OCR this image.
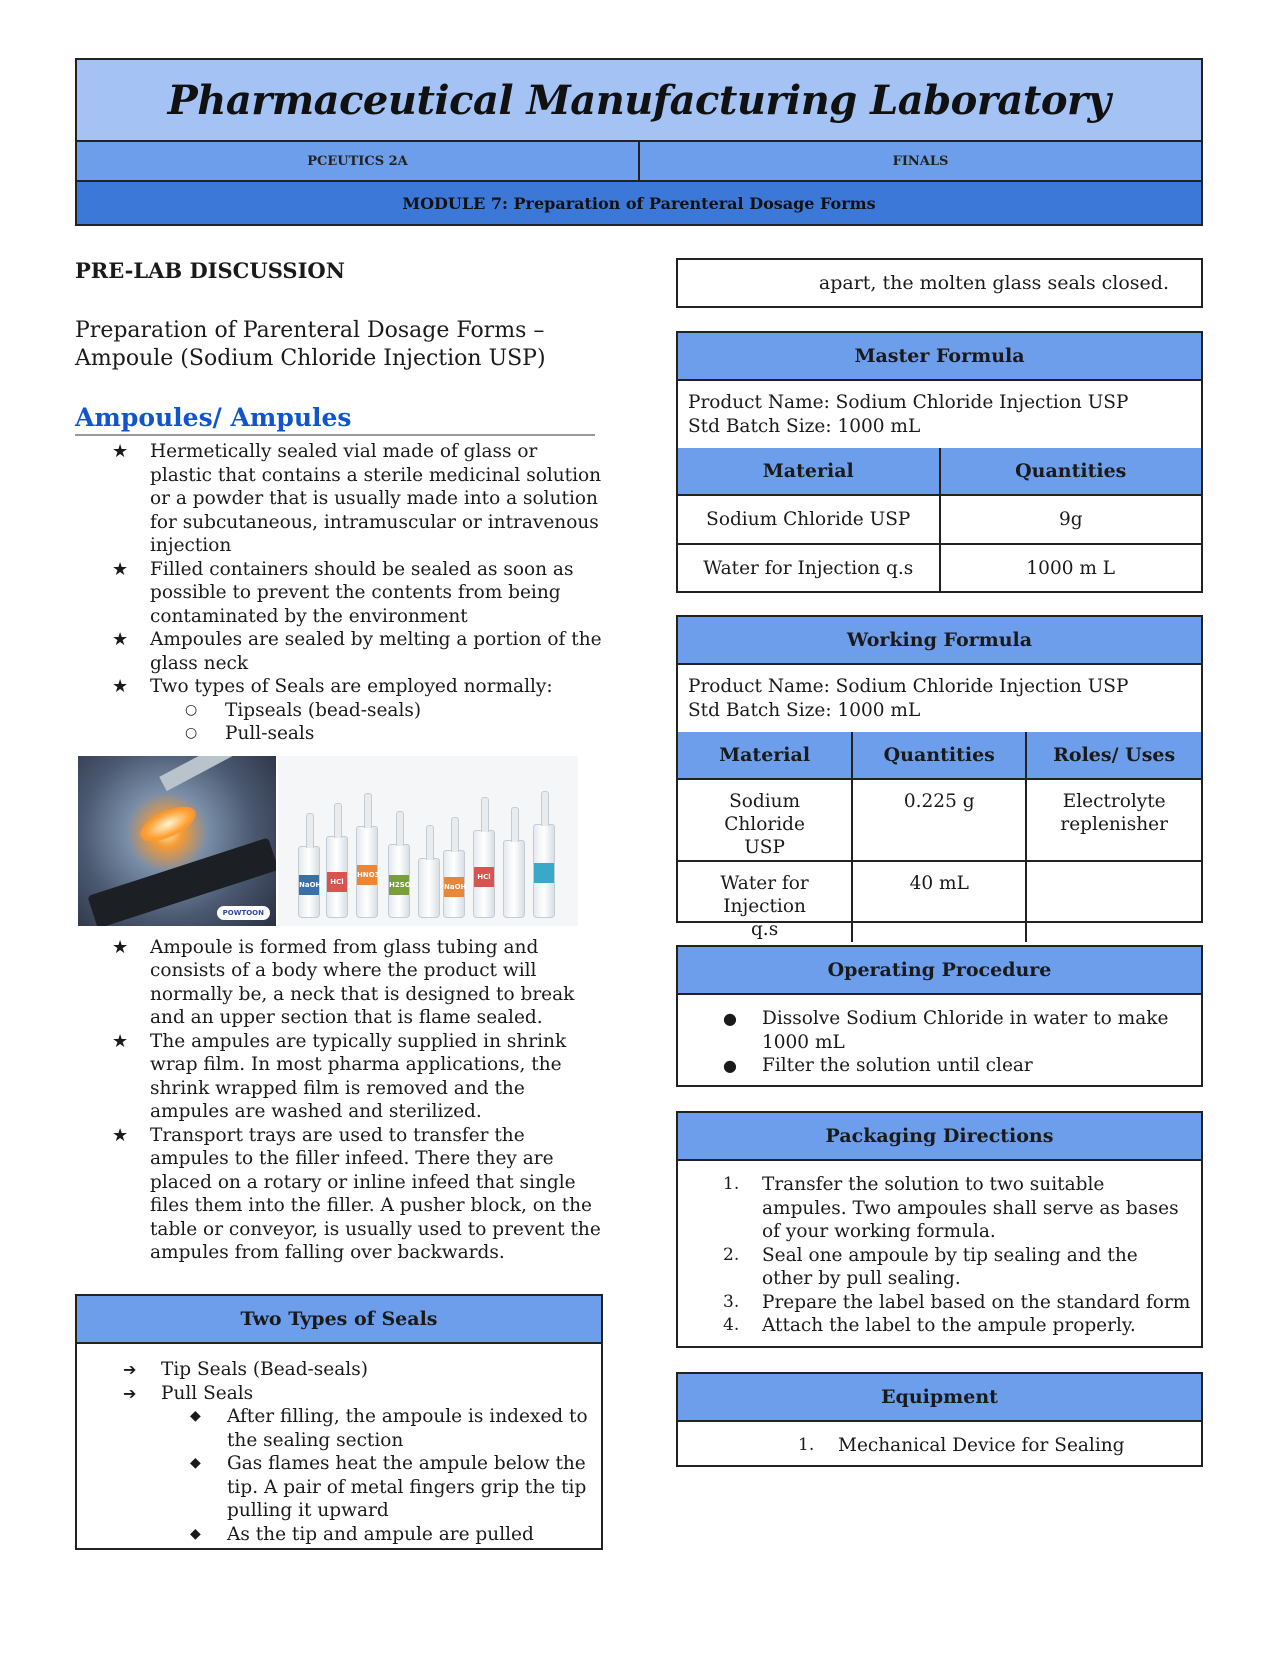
Pharmaceutical Manufacturing Laboratory
PCEUTICS 2A	FINALS
MODULE 7: Preparation of Parenteral Dosage Forms

PRE-LAB DISCUSSION

Preparation of Parenteral Dosage Forms – Ampoule (Sodium Chloride Injection USP)

Ampoules/ Ampules
★ Hermetically sealed vial made of glass or plastic that contains a sterile medicinal solution or a powder that is usually made into a solution for subcutaneous, intramuscular or intravenous injection
★ Filled containers should be sealed as soon as possible to prevent the contents from being contaminated by the environment
★ Ampoules are sealed by melting a portion of the glass neck
★ Two types of Seals are employed normally:
○ Tipseals (bead-seals)
○ Pull-seals
POWTOON
NaOH	HCl
HNO3
H2SO4	NaOH
HCl
★ Ampoule is formed from glass tubing and consists of a body where the product will normally be, a neck that is designed to break and an upper section that is flame sealed.
★ The ampules are typically supplied in shrink wrap film. In most pharma applications, the shrink wrapped film is removed and the ampules are washed and sterilized.
★ Transport trays are used to transfer the ampules to the filler infeed. There they are placed on a rotary or inline infeed that single files them into the filler. A pusher block, on the table or conveyor, is usually used to prevent the ampules from falling over backwards.
Two Types of Seals
➔ Tip Seals (Bead-seals)
➔ Pull Seals
◆ After filling, the ampoule is indexed to the sealing section
◆ Gas flames heat the ampule below the tip. A pair of metal fingers grip the tip pulling it upward
◆ As the tip and ampule are pulled
apart, the molten glass seals closed.
Master Formula
Product Name: Sodium Chloride Injection USP
Std Batch Size: 1000 mL
Material	Quantities
Sodium Chloride USP	9g
Water for Injection q.s	1000 m L
Working Formula
Product Name: Sodium Chloride Injection USP
Std Batch Size: 1000 mL
Material	Quantities	Roles/ Uses
Sodium Chloride USP	0.225 g	Electrolyte replenisher
Water for Injection q.s	40 mL	
Operating Procedure
● Dissolve Sodium Chloride in water to make 1000 mL
● Filter the solution until clear
Packaging Directions
1. Transfer the solution to two suitable ampules. Two ampoules shall serve as bases of your working formula.
2. Seal one ampoule by tip sealing and the other by pull sealing.
3. Prepare the label based on the standard form
4. Attach the label to the ampule properly.
Equipment
1. Mechanical Device for Sealing
